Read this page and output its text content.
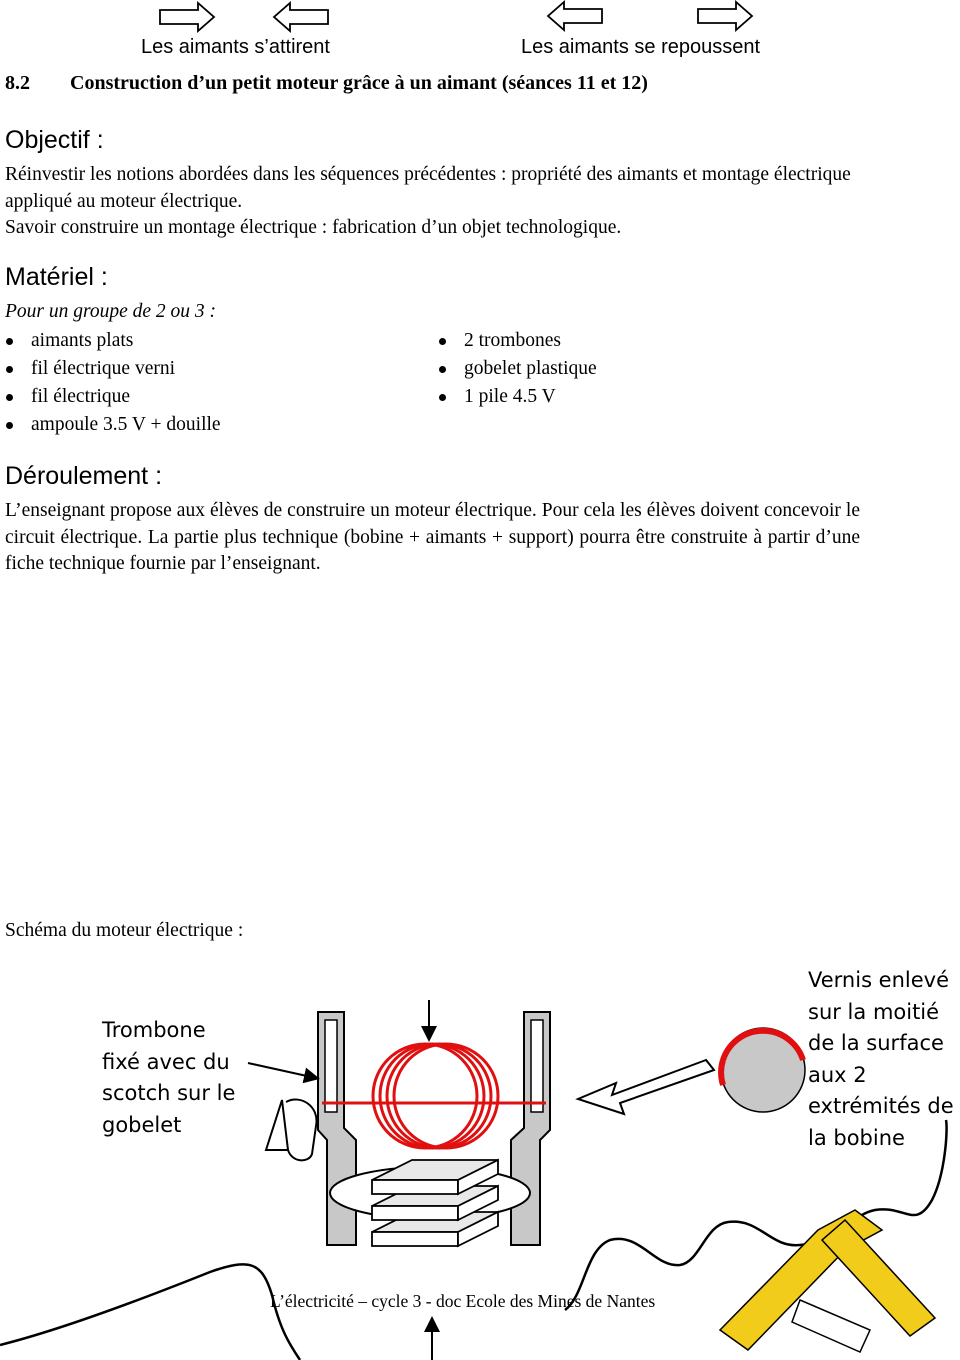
Les aimants s’attirent	Les aimants se repoussent
8.2        Construction d’un petit moteur grâce à un aimant (séances 11 et 12)
Objectif :

Réinvestir les notions abordées dans les séquences précédentes : propriété des aimants et montage électrique appliqué au moteur électrique.

Savoir construire un montage électrique : fabrication d’un objet technologique.

Matériel :
Pour un groupe de 2 ou 3 :
aimants plats
fil électrique verni
fil électrique
ampoule 3.5 V + douille
2 trombones
gobelet plastique
1 pile 4.5 V
Déroulement :

L’enseignant propose aux élèves de construire un moteur électrique. Pour cela les élèves doivent concevoir le circuit électrique. La partie plus technique (bobine + aimants + support) pourra être construite à partir d’une fiche technique fournie par l’enseignant.

Schéma du moteur électrique :
Trombone
fixé avec du
scotch sur le
gobelet
Vernis enlevé
sur la moitié
de la surface
aux 2
extrémités de
la bobine
L’électricité – cycle 3 - doc Ecole des Mines de Nantes
